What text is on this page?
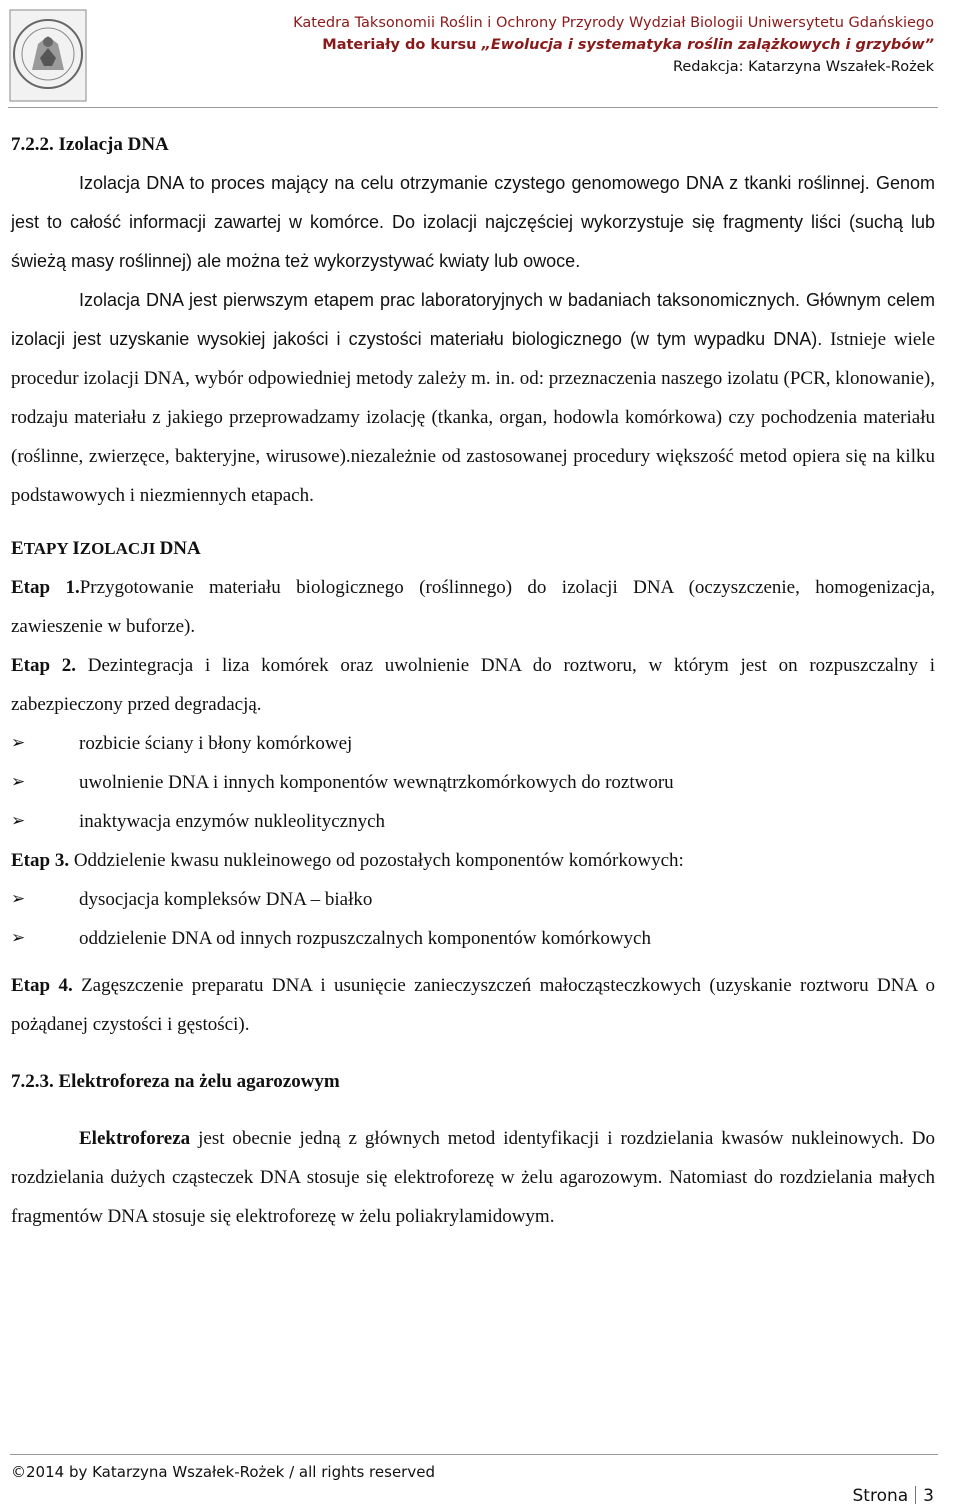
Katedra Taksonomii Roślin i Ochrony Przyrody Wydział Biologii Uniwersytetu Gdańskiego
Materiały do kursu „Ewolucja i systematyka roślin zalążkowych i grzybów”
Redakcja: Katarzyna Wszałek-Rożek
7.2.2. Izolacja DNA

Izolacja DNA to proces mający na celu otrzymanie czystego genomowego DNA z tkanki roślinnej. Genom jest to całość informacji zawartej w komórce. Do izolacji najczęściej wykorzystuje się fragmenty liści (suchą lub świeżą masy roślinnej) ale można też wykorzystywać kwiaty lub owoce.

Izolacja DNA jest pierwszym etapem prac laboratoryjnych w badaniach taksonomicznych. Głównym celem izolacji jest uzyskanie wysokiej jakości i czystości materiału biologicznego (w tym wypadku DNA). Istnieje wiele procedur izolacji DNA, wybór odpowiedniej metody zależy m. in. od: przeznaczenia naszego izolatu (PCR, klonowanie), rodzaju materiału z jakiego przeprowadzamy izolację (tkanka, organ, hodowla komórkowa) czy pochodzenia materiału (roślinne, zwierzęce, bakteryjne, wirusowe).niezależnie od zastosowanej procedury większość metod opiera się na kilku podstawowych i niezmiennych etapach.

ETAPY IZOLACJI DNA

Etap 1.Przygotowanie materiału biologicznego (roślinnego) do izolacji DNA (oczyszczenie, homogenizacja, zawieszenie w buforze).

Etap 2. Dezintegracja i liza komórek oraz uwolnienie DNA do roztworu, w którym jest on rozpuszczalny i zabezpieczony przed degradacją.

➢	rozbicie ściany i błony komórkowej
➢	uwolnienie DNA i innych komponentów wewnątrzkomórkowych do roztworu
➢	inaktywacja enzymów nukleolitycznych

Etap 3. Oddzielenie kwasu nukleinowego od pozostałych komponentów komórkowych:

➢	dysocjacja kompleksów DNA – białko
➢	oddzielenie DNA od innych rozpuszczalnych komponentów komórkowych

Etap 4. Zagęszczenie preparatu DNA i usunięcie zanieczyszczeń małocząsteczkowych (uzyskanie roztworu DNA o pożądanej czystości i gęstości).

7.2.3. Elektroforeza na żelu agarozowym

Elektroforeza jest obecnie jedną z głównych metod identyfikacji i rozdzielania kwasów nukleinowych. Do rozdzielania dużych cząsteczek DNA stosuje się elektroforezę w żelu agarozowym. Natomiast do rozdzielania małych fragmentów DNA stosuje się elektroforezę w żelu poliakrylamidowym.

©2014 by Katarzyna Wszałek-Rożek / all rights reserved
Strona 3
